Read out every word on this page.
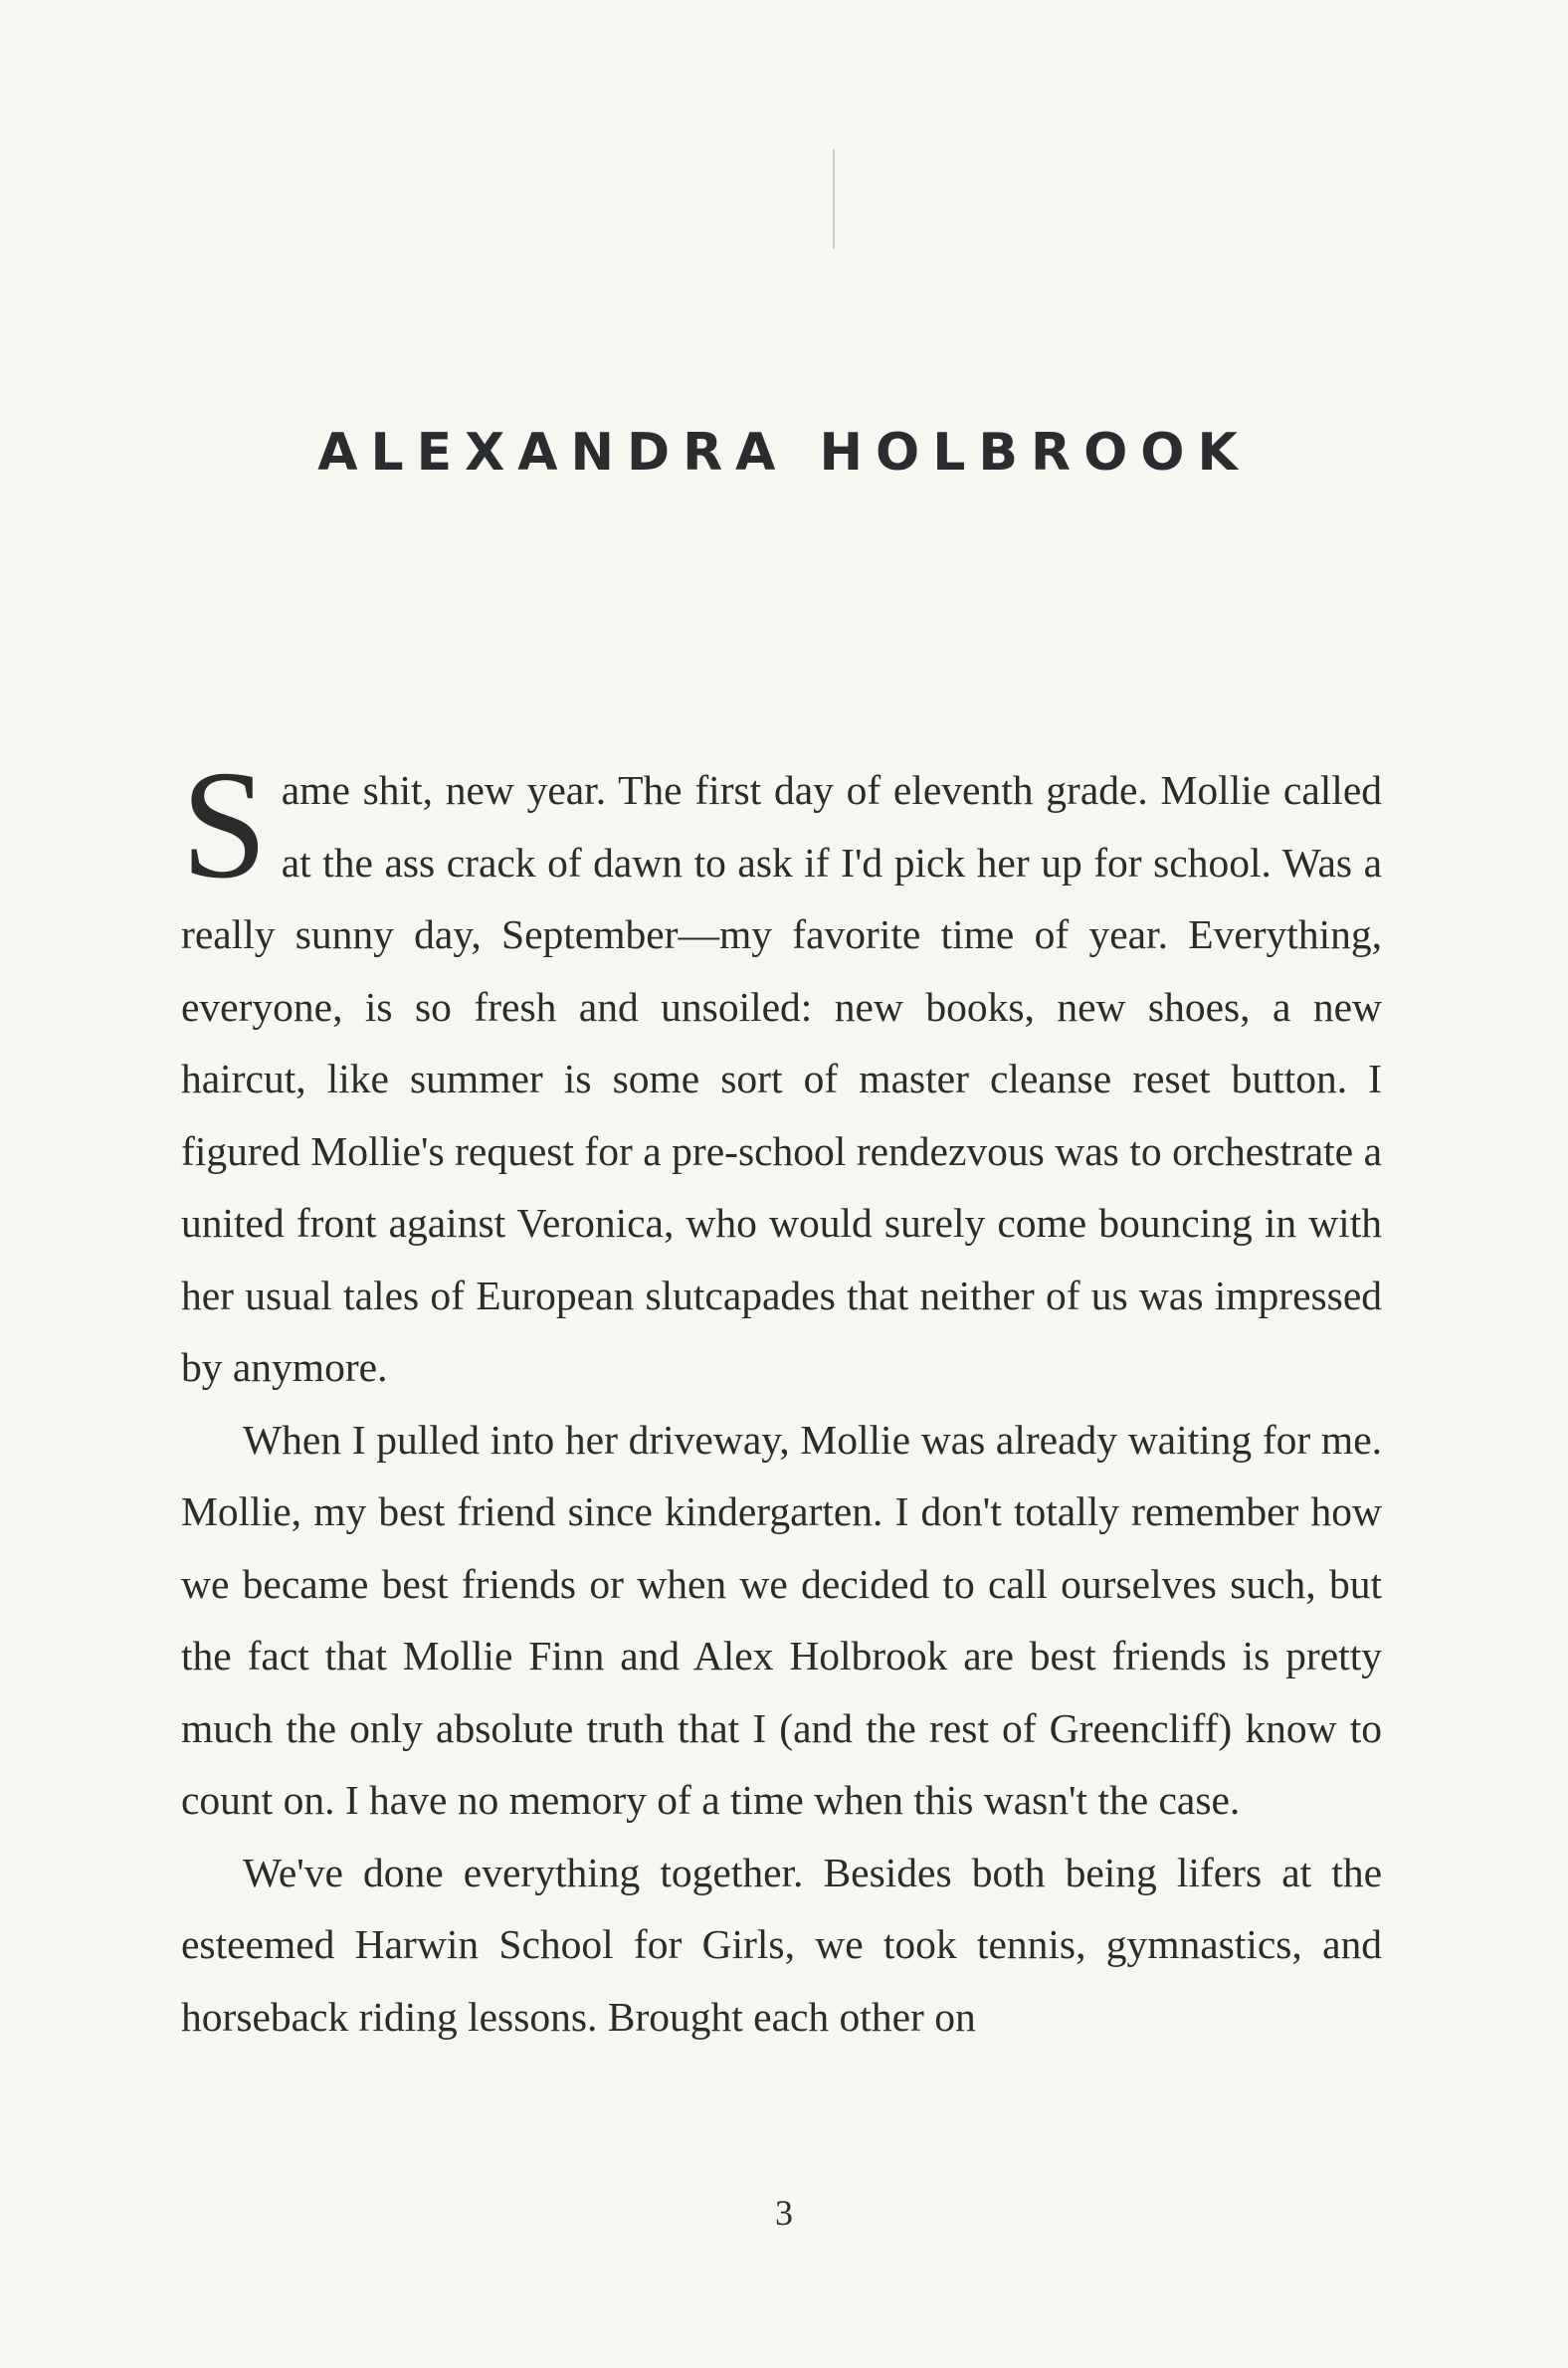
ALEXANDRA HOLBROOK

Same shit, new year. The first day of eleventh grade. Mollie called at the ass crack of dawn to ask if I'd pick her up for school. Was a really sunny day, September—my favorite time of year. Everything, everyone, is so fresh and unsoiled: new books, new shoes, a new haircut, like summer is some sort of master cleanse reset button. I figured Mollie's request for a pre-school rendezvous was to orchestrate a united front against Veronica, who would surely come bouncing in with her usual tales of European slutcapades that neither of us was impressed by anymore.

When I pulled into her driveway, Mollie was already waiting for me. Mollie, my best friend since kindergarten. I don't totally remember how we became best friends or when we decided to call ourselves such, but the fact that Mollie Finn and Alex Holbrook are best friends is pretty much the only absolute truth that I (and the rest of Greencliff) know to count on. I have no memory of a time when this wasn't the case.

We've done everything together. Besides both being lifers at the esteemed Harwin School for Girls, we took tennis, gymnastics, and horseback riding lessons. Brought each other on

3
